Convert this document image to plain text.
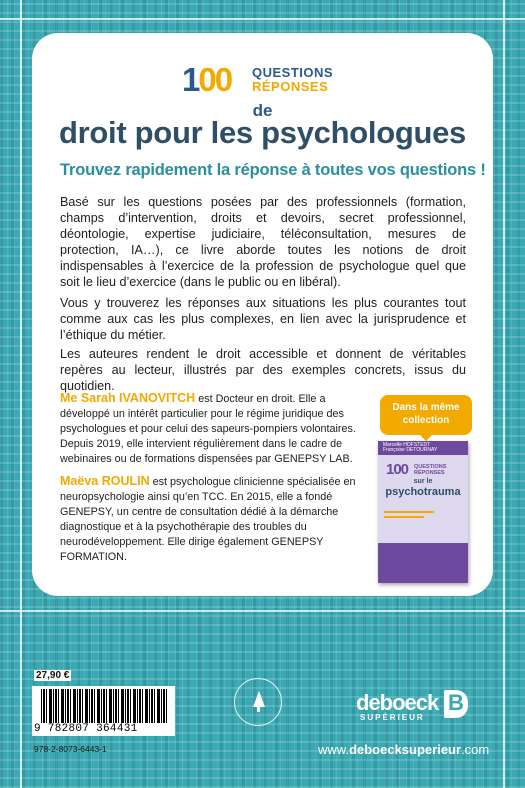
100 QUESTIONS
RÉPONSES
de
droit pour les psychologues
Trouvez rapidement la réponse à toutes vos questions !

Basé sur les questions posées par des professionnels (formation, champs d’intervention, droits et devoirs, secret professionnel, déontologie, expertise judiciaire, téléconsultation, mesures de protection, IA…), ce livre aborde toutes les notions de droit indispensables à l’exercice de la profession de psychologue quel que soit le lieu d’exercice (dans le public ou en libéral).

Vous y trouverez les réponses aux situations les plus courantes tout comme aux cas les plus complexes, en lien avec la jurisprudence et l’éthique du métier.

Les auteures rendent le droit accessible et donnent de véritables repères au lecteur, illustrés par des exemples concrets, issus du quotidien.

Me Sarah IVANOVITCH est Docteur en droit. Elle a développé un intérêt particulier pour le régime juridique des psychologues et pour celui des sapeurs-pompiers volontaires. Depuis 2019, elle intervient régulièrement dans le cadre de webinaires ou de formations dispensées par GENEPSY LAB.

Maëva ROULIN est psychologue clinicienne spécialisée en neuropsychologie ainsi qu’en TCC. En 2015, elle a fondé GENEPSY, un centre de consultation dédié à la démarche diagnostique et à la psychothérapie des troubles du neurodéveloppement. Elle dirige également GENEPSY FORMATION.

Dans la même collection
Marcelle HOFSTEDT
Françoise DETOURNAY
100 QUESTIONS
RÉPONSES
sur le
psychotrauma
27,90 €
9 782807 364431
978-2-8073-6443-1
deboeck
SUPÉRIEUR
B
www.deboecksuperieur.com
